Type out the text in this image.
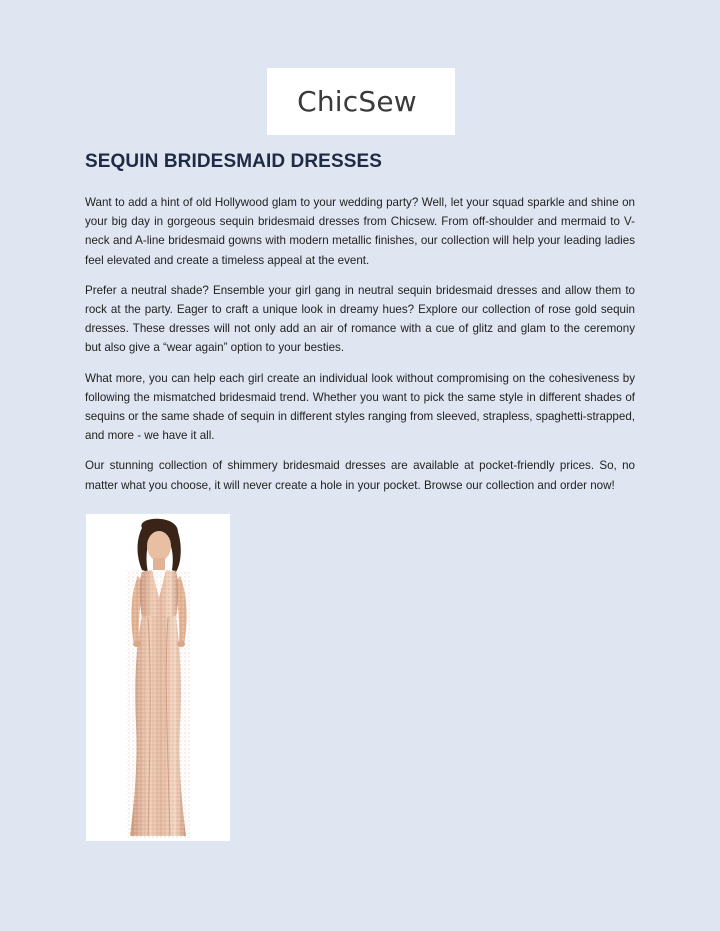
ChicSew
SEQUIN BRIDESMAID DRESSES

Want to add a hint of old Hollywood glam to your wedding party? Well, let your squad sparkle and shine on your big day in gorgeous sequin bridesmaid dresses from Chicsew. From off-shoulder and mermaid to V-neck and A-line bridesmaid gowns with modern metallic finishes, our collection will help your leading ladies feel elevated and create a timeless appeal at the event.

Prefer a neutral shade? Ensemble your girl gang in neutral sequin bridesmaid dresses and allow them to rock at the party. Eager to craft a unique look in dreamy hues? Explore our collection of rose gold sequin dresses. These dresses will not only add an air of romance with a cue of glitz and glam to the ceremony but also give a “wear again” option to your besties.

What more, you can help each girl create an individual look without compromising on the cohesiveness by following the mismatched bridesmaid trend. Whether you want to pick the same style in different shades of sequins or the same shade of sequin in different styles ranging from sleeved, strapless, spaghetti-strapped, and more - we have it all.

Our stunning collection of shimmery bridesmaid dresses are available at pocket-friendly prices. So, no matter what you choose, it will never create a hole in your pocket. Browse our collection and order now!
